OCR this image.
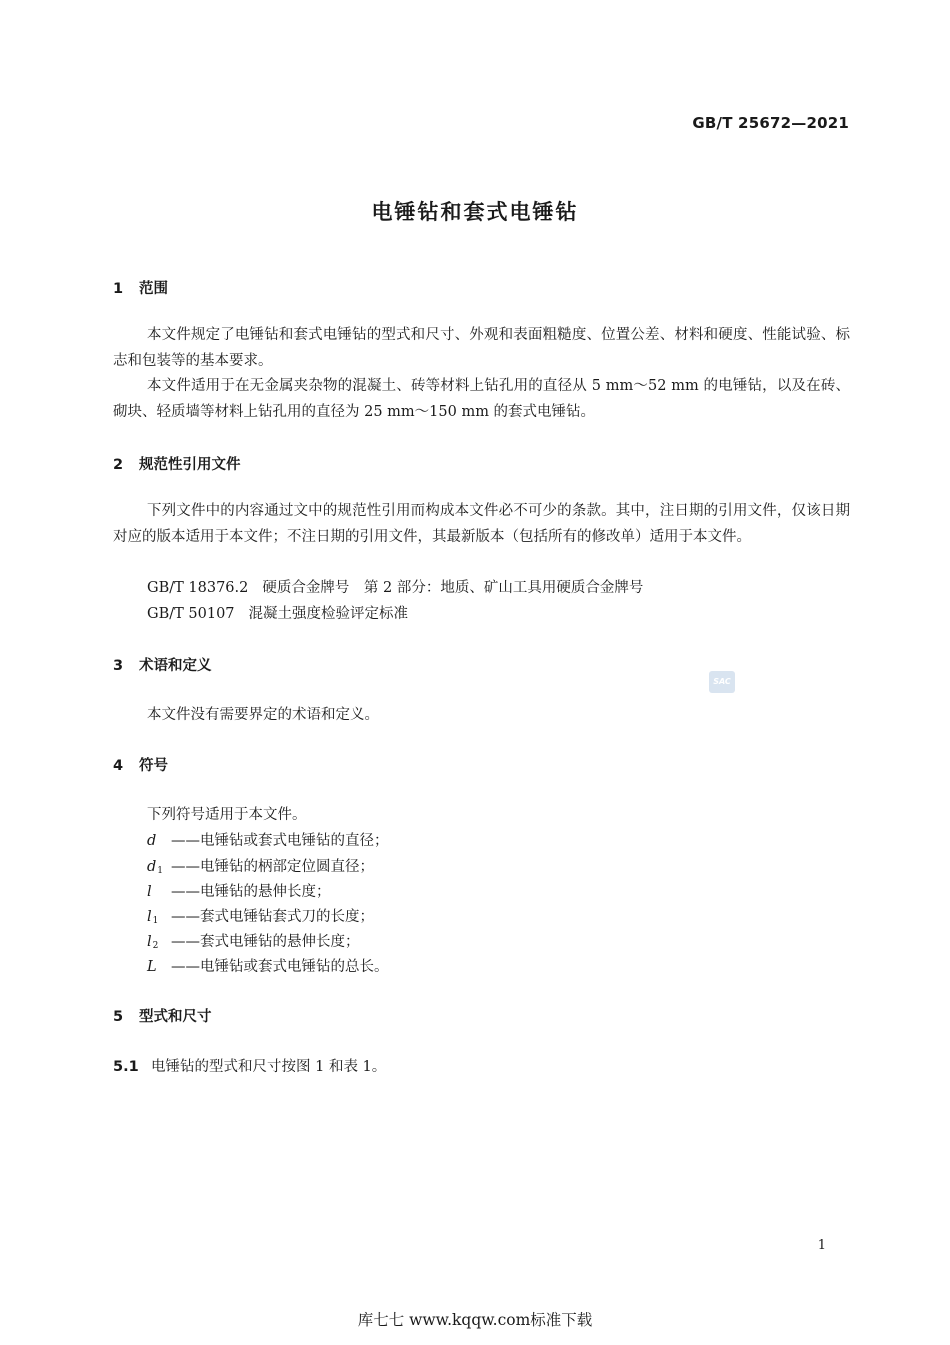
GB/T 25672—2021
电锤钻和套式电锤钻
1 范围

本文件规定了电锤钻和套式电锤钻的型式和尺寸、外观和表面粗糙度、位置公差、材料和硬度、性能试验、标志和包装等的基本要求。

本文件适用于在无金属夹杂物的混凝土、砖等材料上钻孔用的直径从 5 mm～52 mm 的电锤钻，以及在砖、砌块、轻质墙等材料上钻孔用的直径为 25 mm～150 mm 的套式电锤钻。

2 规范性引用文件

下列文件中的内容通过文中的规范性引用而构成本文件必不可少的条款。其中，注日期的引用文件，仅该日期对应的版本适用于本文件；不注日期的引用文件，其最新版本（包括所有的修改单）适用于本文件。

GB/T 18376.2 硬质合金牌号　第 2 部分：地质、矿山工具用硬质合金牌号
GB/T 50107 混凝土强度检验评定标准
3 术语和定义
SAC
本文件没有需要界定的术语和定义。
4 符号
下列符号适用于本文件。
d ——电锤钻或套式电锤钻的直径；
$d_1$ ——电锤钻的柄部定位圆直径；
l ——电锤钻的悬伸长度；
$l_1$ ——套式电锤钻套式刀的长度；
$l_2$ ——套式电锤钻的悬伸长度；
L ——电锤钻或套式电锤钻的总长。
5 型式和尺寸
5.1 电锤钻的型式和尺寸按图 1 和表 1。
1
库七七 www.kqqw.com标准下载
